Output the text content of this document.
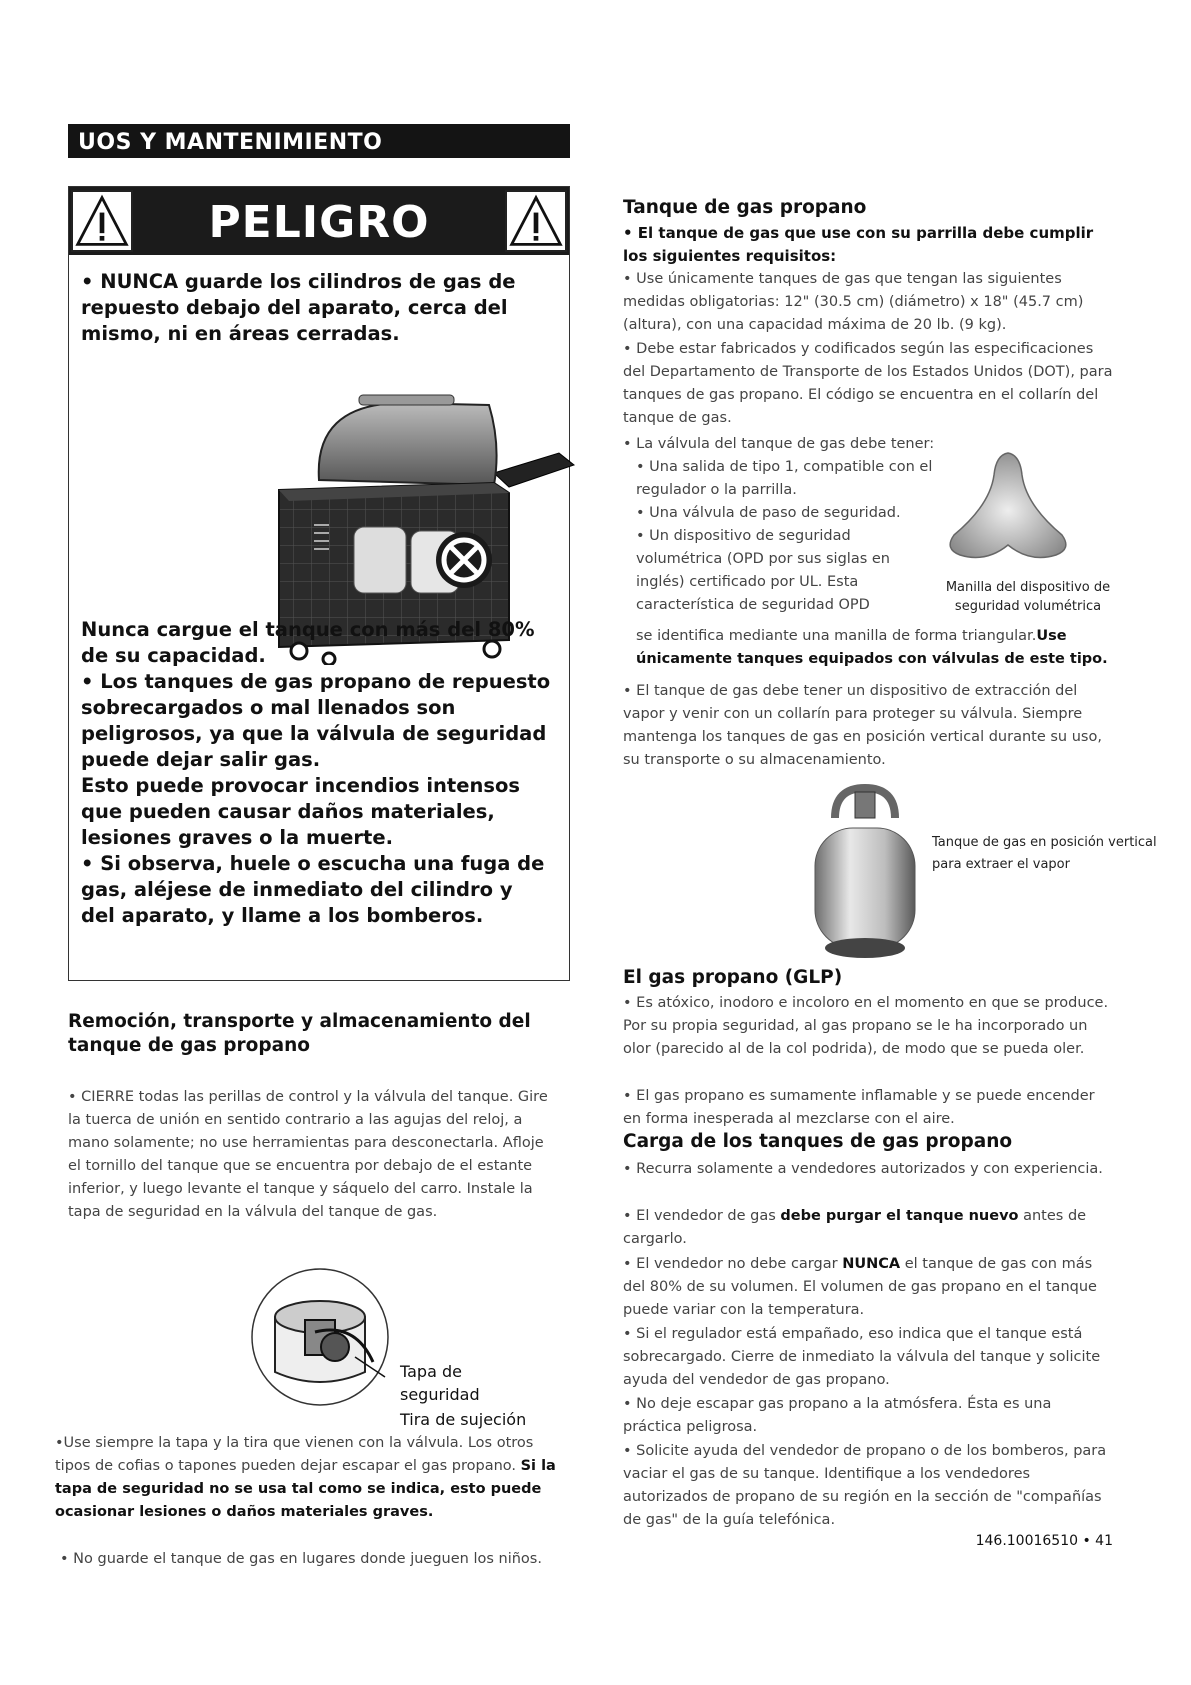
UOS Y MANTENIMIENTO
PELIGRO
• NUNCA guarde los cilindros de gas de repuesto debajo del aparato, cerca del mismo, ni en áreas cerradas.
Nunca cargue el tanque con más del 80% de su capacidad.
• Los tanques de gas propano de repuesto sobrecargados o mal llenados son peligrosos, ya que la válvula de seguridad puede dejar salir gas.
Esto puede provocar incendios intensos que pueden causar daños materiales, lesiones graves o la muerte.
• Si observa, huele o escucha una fuga de gas, aléjese de inmediato del cilindro y del aparato, y llame a los bomberos.
Remoción, transporte y almacenamiento del tanque de gas propano
• CIERRE todas las perillas de control y la válvula del tanque. Gire la tuerca de unión en sentido contrario a las agujas del reloj, a mano solamente; no use herramientas para desconectarla. Afloje el tornillo del tanque que se encuentra por debajo de el estante inferior, y luego levante el tanque y sáquelo del carro. Instale la tapa de seguridad en la válvula del tanque de gas.
Tapa de seguridad
Tira de sujeción
•Use siempre la tapa y la tira que vienen con la válvula. Los otros tipos de cofias o tapones pueden dejar escapar el gas propano. Si la tapa de seguridad no se usa tal como se indica, esto puede ocasionar lesiones o daños materiales graves.
• No guarde el tanque de gas en lugares donde jueguen los niños.
Tanque de gas propano
• El tanque de gas que use con su parrilla debe cumplir los siguientes requisitos:
• Use únicamente tanques de gas que tengan las siguientes medidas obligatorias: 12" (30.5 cm) (diámetro) x 18" (45.7 cm) (altura), con una capacidad máxima de 20 lb. (9 kg).
• Debe estar fabricados y codificados según las especificaciones del Departamento de Transporte de los Estados Unidos (DOT), para tanques de gas propano. El código se encuentra en el collarín del tanque de gas.
• La válvula del tanque de gas debe tener:
• Una salida de tipo 1, compatible con el regulador o la parrilla.
• Una válvula de paso de seguridad.
• Un dispositivo de seguridad volumétrica (OPD por sus siglas en inglés) certificado por UL. Esta característica de seguridad OPD
se identifica mediante una manilla de forma triangular.Use únicamente tanques equipados con válvulas de este tipo.
Manilla del dispositivo de seguridad volumétrica
• El tanque de gas debe tener un dispositivo de extracción del vapor y venir con un collarín para proteger su válvula. Siempre mantenga los tanques de gas en posición vertical durante su uso, su transporte o su almacenamiento.
Tanque de gas en posición vertical para extraer el vapor
El gas propano (GLP)
• Es atóxico, inodoro e incoloro en el momento en que se produce. Por su propia seguridad, al gas propano se le ha incorporado un olor (parecido al de la col podrida), de modo que se pueda oler.
• El gas propano es sumamente inflamable y se puede encender en forma inesperada al mezclarse con el aire.
Carga de los tanques de gas propano
• Recurra solamente a vendedores autorizados y con experiencia.
• El vendedor de gas debe purgar el tanque nuevo antes de cargarlo.
• El vendedor no debe cargar NUNCA el tanque de gas con más del 80% de su volumen. El volumen de gas propano en el tanque puede variar con la temperatura.
• Si el regulador está empañado, eso indica que el tanque está sobrecargado. Cierre de inmediato la válvula del tanque y solicite ayuda del vendedor de gas propano.
• No deje escapar gas propano a la atmósfera. Ésta es una práctica peligrosa.
• Solicite ayuda del vendedor de propano o de los bomberos, para vaciar el gas de su tanque. Identifique a los vendedores autorizados de propano de su región en la sección de "compañías de gas" de la guía telefónica.
146.10016510 • 41
